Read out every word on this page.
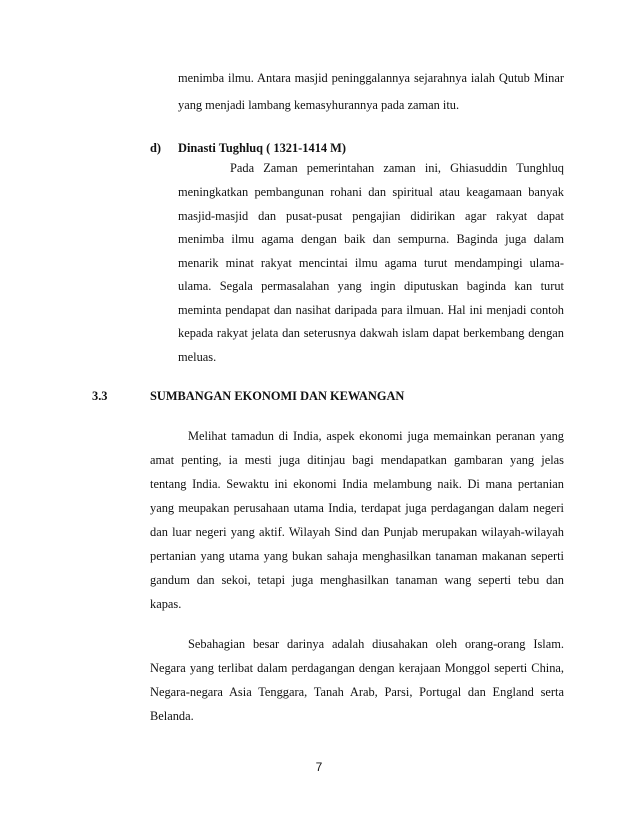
menimba ilmu. Antara masjid peninggalannya sejarahnya ialah Qutub Minar
yang menjadi lambang kemasyhurannya pada zaman itu.
d) Dinasti Tughluq ( 1321-1414 M)
Pada Zaman pemerintahan zaman ini, Ghiasuddin Tunghluq
meningkatkan pembangunan rohani dan spiritual atau keagamaan banyak
masjid-masjid dan pusat-pusat pengajian didirikan agar rakyat dapat
menimba ilmu agama dengan baik dan sempurna. Baginda juga dalam
menarik minat rakyat mencintai ilmu agama turut mendampingi ulama-
ulama. Segala permasalahan yang ingin diputuskan baginda kan turut
meminta pendapat dan nasihat daripada para ilmuan. Hal ini menjadi contoh
kepada rakyat jelata dan seterusnya dakwah islam dapat berkembang dengan
meluas.
3.3	SUMBANGAN EKONOMI DAN KEWANGAN
Melihat tamadun di India, aspek ekonomi juga memainkan peranan yang
amat penting, ia mesti juga ditinjau bagi mendapatkan gambaran yang jelas
tentang India. Sewaktu ini ekonomi India melambung naik. Di mana pertanian
yang meupakan perusahaan utama India, terdapat juga perdagangan dalam negeri
dan luar negeri yang aktif. Wilayah Sind dan Punjab merupakan wilayah-wilayah
pertanian yang utama yang bukan sahaja menghasilkan tanaman makanan seperti
gandum dan sekoi, tetapi juga menghasilkan tanaman wang seperti tebu dan
kapas.
Sebahagian besar darinya adalah diusahakan oleh orang-orang Islam.
Negara yang terlibat dalam perdagangan dengan kerajaan Monggol seperti China,
Negara-negara Asia Tenggara, Tanah Arab, Parsi, Portugal dan England serta
Belanda.
7
